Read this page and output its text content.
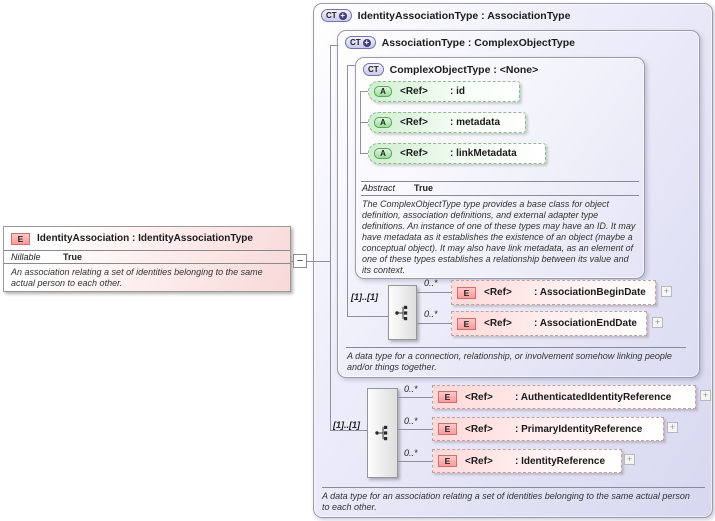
CT + IdentityAssociationType : AssociationType
CT + AssociationType : ComplexObjectType
CT ComplexObjectType : <None>
A	<Ref>	: id
A	<Ref>	: metadata
A	<Ref>	: linkMetadata
Abstract	True
The ComplexObjectType type provides a base class for object definition, association definitions, and external adapter type definitions. An instance of one of these types may have an ID. It may have metadata as it establishes the existence of an object (maybe a conceptual object). It may also have link metadata, as an element of one of these types establishes a relationship between its value and its context.
[1]..[1]
0..*
0..*
E	<Ref>	: AssociationBeginDate	+
E	<Ref>	: AssociationEndDate	+
A data type for a connection, relationship, or involvement somehow linking people and/or things together.
[1]..[1]
0..*
0..*
0..*
E	<Ref>	: AuthenticatedIdentityReference	+
E	<Ref>	: PrimaryIdentityReference	+
E	<Ref>	: IdentityReference	+
A data type for an association relating a set of identities belonging to the same actual person to each other.
E	IdentityAssociation : IdentityAssociationType
Nillable	True
An association relating a set of identities belonging to the same actual person to each other.
−
